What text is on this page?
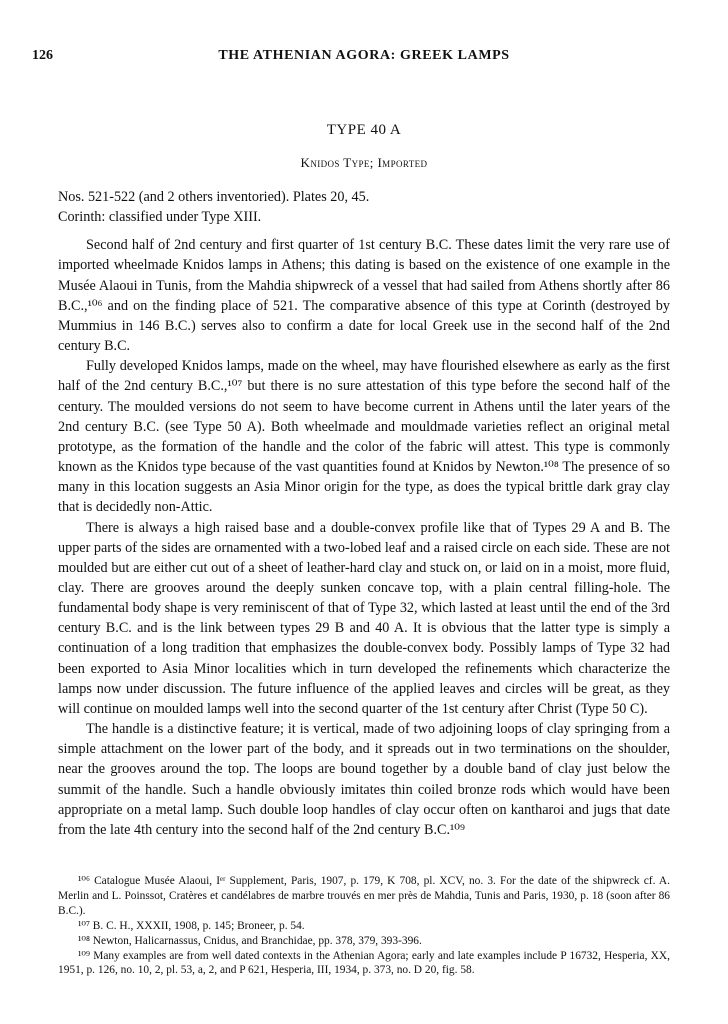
126	THE ATHENIAN AGORA: GREEK LAMPS
TYPE 40 A
Knidos Type; Imported

Nos. 521-522 (and 2 others inventoried). Plates 20, 45.

Corinth: classified under Type XIII.

Second half of 2nd century and first quarter of 1st century B.C. These dates limit the very rare use of imported wheelmade Knidos lamps in Athens; this dating is based on the existence of one example in the Musée Alaoui in Tunis, from the Mahdia shipwreck of a vessel that had sailed from Athens shortly after 86 B.C.,¹⁰⁶ and on the finding place of 521. The comparative absence of this type at Corinth (destroyed by Mummius in 146 B.C.) serves also to confirm a date for local Greek use in the second half of the 2nd century B.C.

Fully developed Knidos lamps, made on the wheel, may have flourished elsewhere as early as the first half of the 2nd century B.C.,¹⁰⁷ but there is no sure attestation of this type before the second half of the century. The moulded versions do not seem to have become current in Athens until the later years of the 2nd century B.C. (see Type 50 A). Both wheelmade and mouldmade varieties reflect an original metal prototype, as the formation of the handle and the color of the fabric will attest. This type is commonly known as the Knidos type because of the vast quantities found at Knidos by Newton.¹⁰⁸ The presence of so many in this location suggests an Asia Minor origin for the type, as does the typical brittle dark gray clay that is decidedly non-Attic.

There is always a high raised base and a double-convex profile like that of Types 29 A and B. The upper parts of the sides are ornamented with a two-lobed leaf and a raised circle on each side. These are not moulded but are either cut out of a sheet of leather-hard clay and stuck on, or laid on in a moist, more fluid, clay. There are grooves around the deeply sunken concave top, with a plain central filling-hole. The fundamental body shape is very reminiscent of that of Type 32, which lasted at least until the end of the 3rd century B.C. and is the link between types 29 B and 40 A. It is obvious that the latter type is simply a continuation of a long tradition that emphasizes the double-convex body. Possibly lamps of Type 32 had been exported to Asia Minor localities which in turn developed the refinements which characterize the lamps now under discussion. The future influence of the applied leaves and circles will be great, as they will continue on moulded lamps well into the second quarter of the 1st century after Christ (Type 50 C).

The handle is a distinctive feature; it is vertical, made of two adjoining loops of clay springing from a simple attachment on the lower part of the body, and it spreads out in two terminations on the shoulder, near the grooves around the top. The loops are bound together by a double band of clay just below the summit of the handle. Such a handle obviously imitates thin coiled bronze rods which would have been appropriate on a metal lamp. Such double loop handles of clay occur often on kantharoi and jugs that date from the late 4th century into the second half of the 2nd century B.C.¹⁰⁹

¹⁰⁶ Catalogue Musée Alaoui, Iᵉʳ Supplement, Paris, 1907, p. 179, K 708, pl. XCV, no. 3. For the date of the shipwreck cf. A. Merlin and L. Poinssot, Cratères et candélabres de marbre trouvés en mer près de Mahdia, Tunis and Paris, 1930, p. 18 (soon after 86 B.C.).

¹⁰⁷ B. C. H., XXXII, 1908, p. 145; Broneer, p. 54.

¹⁰⁸ Newton, Halicarnassus, Cnidus, and Branchidae, pp. 378, 379, 393-396.

¹⁰⁹ Many examples are from well dated contexts in the Athenian Agora; early and late examples include P 16732, Hesperia, XX, 1951, p. 126, no. 10, 2, pl. 53, a, 2, and P 621, Hesperia, III, 1934, p. 373, no. D 20, fig. 58.
